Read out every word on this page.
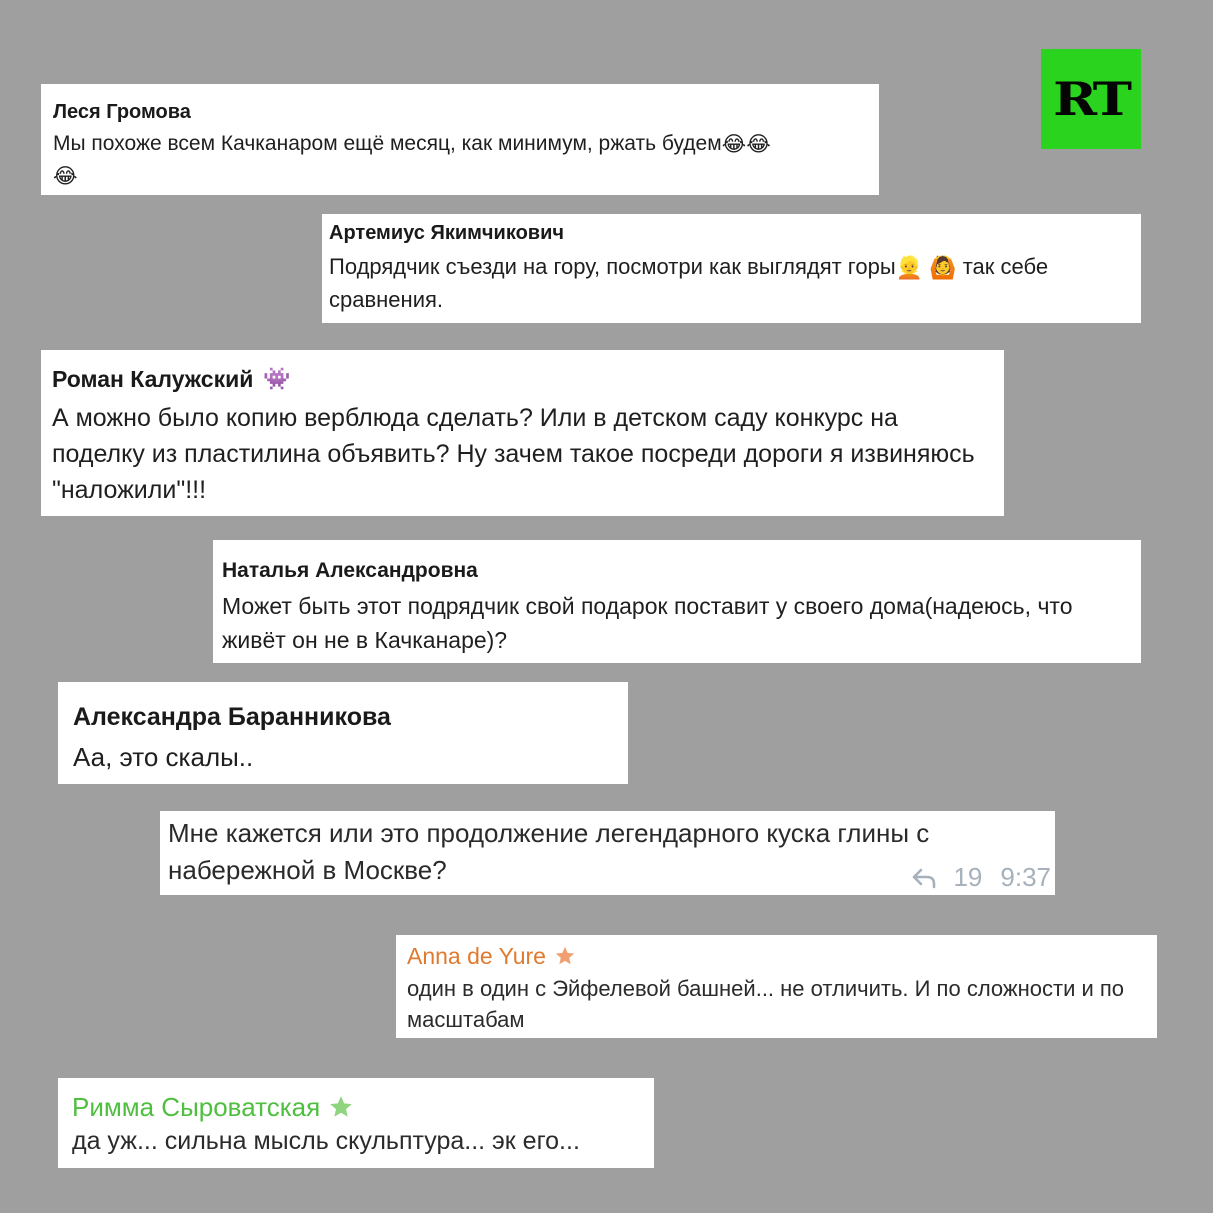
RT
Леся Громова
Мы похоже всем Качканаром ещё месяц, как минимум, ржать будем😂😂
😂
Артемиус Якимчикович
Подрядчик съезди на гору, посмотри как выглядят горы👱 🙆 так себе сравнения.
Роман Калужский 👾
А можно было копию верблюда сделать? Или в детском саду конкурс на поделку из пластилина объявить? Ну зачем такое посреди дороги я извиняюсь "наложили"!!!
Наталья Александровна
Может быть этот подрядчик свой подарок поставит у своего дома(надеюсь, что живёт он не в Качканаре)?
Александра Баранникова
Аа, это скалы..
Мне кажется или это продолжение легендарного куска глины с набережной в Москве?	19 9:37
Anna de Yure
один в один с Эйфелевой башней... не отличить. И по сложности и по масштабам
Римма Сыроватская
да уж... сильна мысль скульптура... эк его...
